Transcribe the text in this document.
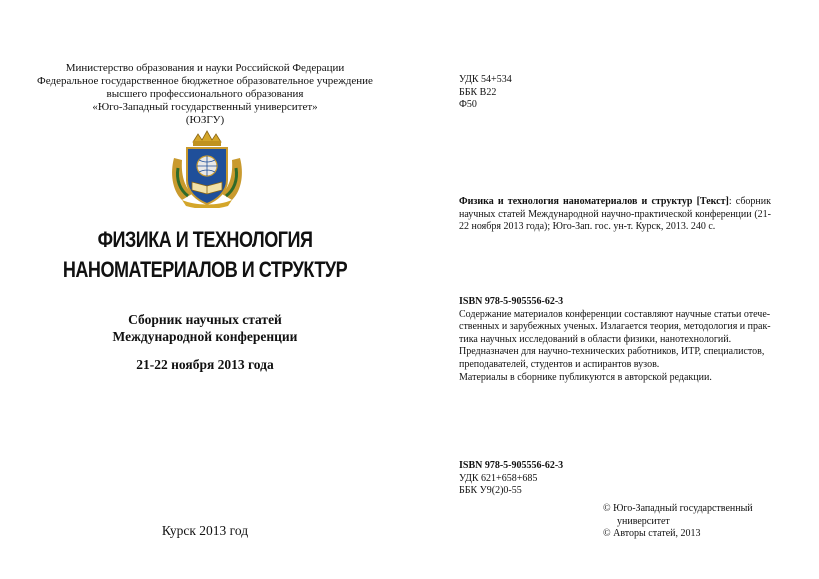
Министерство образования и науки Российской Федерации
Федеральное государственное бюджетное образовательное учреждение
высшего профессионального образования
«Юго-Западный государственный университет»
(ЮЗГУ)
ФИЗИКА И ТЕХНОЛОГИЯ
НАНОМАТЕРИАЛОВ И СТРУКТУР
Сборник научных статей
Международной конференции
21-22 ноября 2013 года
Курск 2013 год
УДК 54+534
ББК В22
Ф50
Физика и технология наноматериалов и структур [Текст]: сборник научных статей Международной научно-практической конференции (21-22 ноября 2013 года); Юго-Зап. гос. ун-т. Курск, 2013. 240 с.
ISBN 978-5-905556-62-3
Содержание материалов конференции составляют научные статьи отече-
ственных и зарубежных ученых. Излагается теория, методология и прак-
тика научных исследований в области физики, нанотехнологий.
Предназначен для научно-технических работников, ИТР, специалистов,
преподавателей, студентов и аспирантов вузов.
Материалы в сборнике публикуются в авторской редакции.
ISBN 978-5-905556-62-3
УДК 621+658+685
ББК У9(2)0-55
© Юго-Западный государственный
университет
© Авторы статей, 2013
